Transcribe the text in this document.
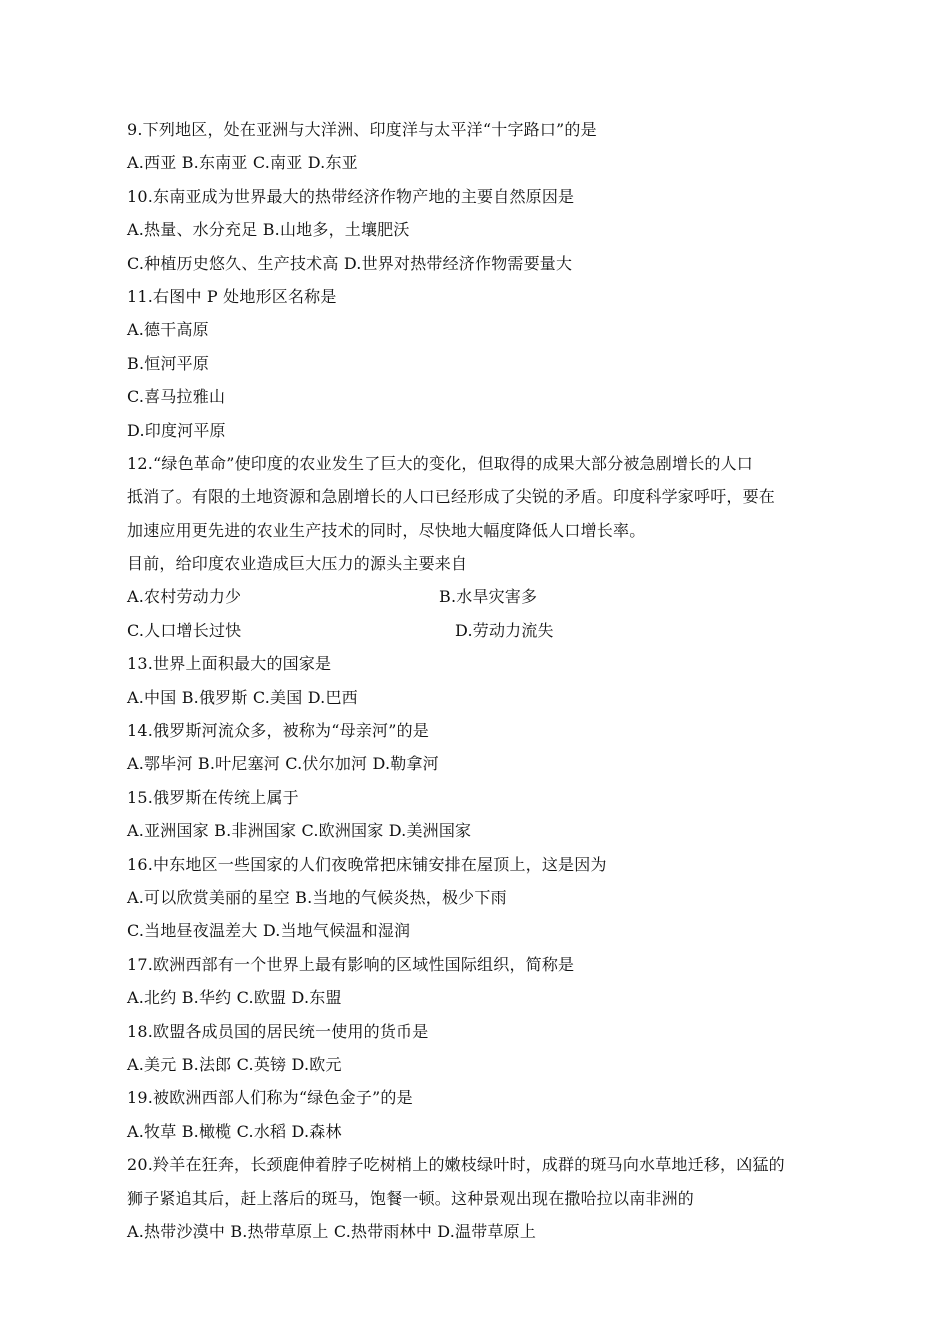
9.下列地区，处在亚洲与大洋洲、印度洋与太平洋“十字路口”的是
A.西亚 B.东南亚 C.南亚 D.东亚
10.东南亚成为世界最大的热带经济作物产地的主要自然原因是
A.热量、水分充足 B.山地多，土壤肥沃
C.种植历史悠久、生产技术高 D.世界对热带经济作物需要量大
11.右图中 P 处地形区名称是
A.德干高原
B.恒河平原
C.喜马拉雅山
D.印度河平原
12.“绿色革命”使印度的农业发生了巨大的变化，但取得的成果大部分被急剧增长的人口
抵消了。有限的土地资源和急剧增长的人口已经形成了尖锐的矛盾。印度科学家呼吁，要在
加速应用更先进的农业生产技术的同时，尽快地大幅度降低人口增长率。
目前，给印度农业造成巨大压力的源头主要来自
A.农村劳动力少	B.水旱灾害多
C.人口增长过快	D.劳动力流失
13.世界上面积最大的国家是
A.中国 B.俄罗斯 C.美国 D.巴西
14.俄罗斯河流众多，被称为“母亲河”的是
A.鄂毕河 B.叶尼塞河 C.伏尔加河 D.勒拿河
15.俄罗斯在传统上属于
A.亚洲国家 B.非洲国家 C.欧洲国家 D.美洲国家
16.中东地区一些国家的人们夜晚常把床铺安排在屋顶上，这是因为
A.可以欣赏美丽的星空 B.当地的气候炎热，极少下雨
C.当地昼夜温差大 D.当地气候温和湿润
17.欧洲西部有一个世界上最有影响的区域性国际组织，简称是
A.北约 B.华约 C.欧盟 D.东盟
18.欧盟各成员国的居民统一使用的货币是
A.美元 B.法郎 C.英镑 D.欧元
19.被欧洲西部人们称为“绿色金子”的是
A.牧草 B.橄榄 C.水稻 D.森林
20.羚羊在狂奔，长颈鹿伸着脖子吃树梢上的嫩枝绿叶时，成群的斑马向水草地迁移，凶猛的
狮子紧追其后，赶上落后的斑马，饱餐一顿。这种景观出现在撒哈拉以南非洲的
A.热带沙漠中 B.热带草原上 C.热带雨林中 D.温带草原上
